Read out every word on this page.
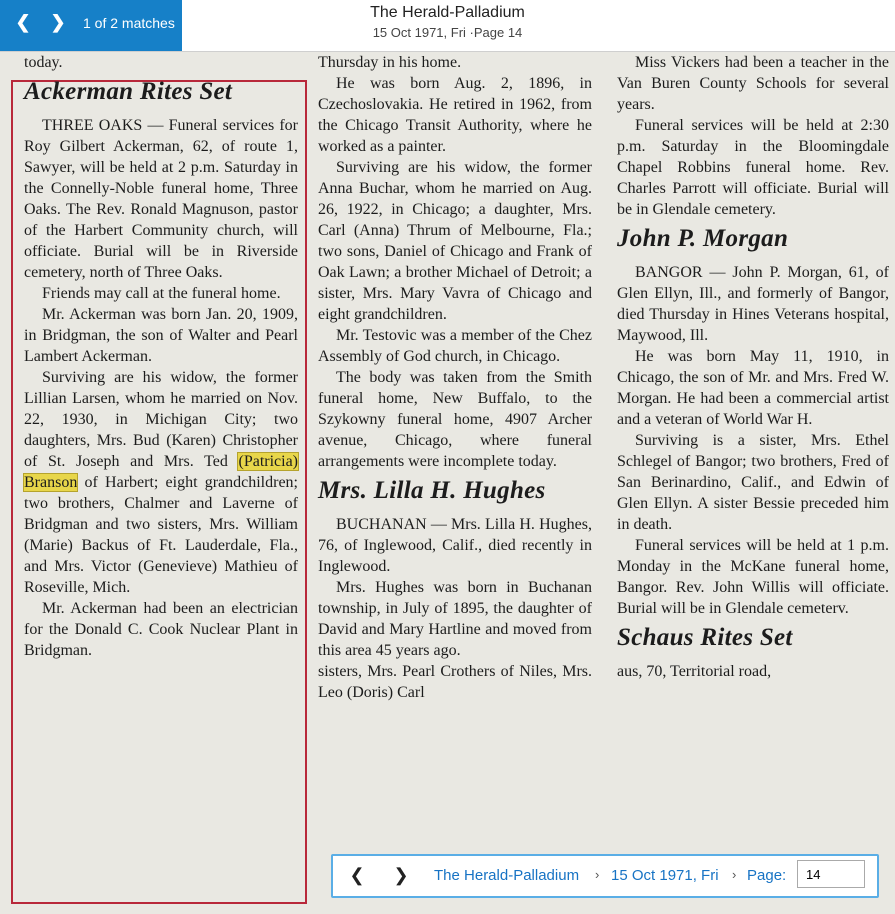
❮	❯	1 of 2 matches
The Herald-Palladium
15 Oct 1971, Fri ·Page 14

today.

Ackerman Rites Set

THREE OAKS — Funeral services for Roy Gilbert Ackerman, 62, of route 1, Sawyer, will be held at 2 p.m. Saturday in the Connelly-Noble funeral home, Three Oaks. The Rev. Ronald Magnuson, pastor of the Harbert Community church, will officiate. Burial will be in Riverside cemetery, north of Three Oaks.

Friends may call at the funeral home.

Mr. Ackerman was born Jan. 20, 1909, in Bridgman, the son of Walter and Pearl Lambert Ackerman.

Surviving are his widow, the former Lillian Larsen, whom he married on Nov. 22, 1930, in Michigan City; two daughters, Mrs. Bud (Karen) Christopher of St. Joseph and Mrs. Ted (Patricia) Branson of Harbert; eight grandchildren; two brothers, Chalmer and Laverne of Bridgman and two sisters, Mrs. William (Marie) Backus of Ft. Lauderdale, Fla., and Mrs. Victor (Genevieve) Mathieu of Roseville, Mich.

Mr. Ackerman had been an electrician for the Donald C. Cook Nuclear Plant in Bridgman.

Thursday in his home.

He was born Aug. 2, 1896, in Czechoslovakia. He retired in 1962, from the Chicago Transit Authority, where he worked as a painter.

Surviving are his widow, the former Anna Buchar, whom he married on Aug. 26, 1922, in Chicago; a daughter, Mrs. Carl (Anna) Thrum of Melbourne, Fla.; two sons, Daniel of Chicago and Frank of Oak Lawn; a brother Michael of Detroit; a sister, Mrs. Mary Vavra of Chicago and eight grandchildren.

Mr. Testovic was a member of the Chez Assembly of God church, in Chicago.

The body was taken from the Smith funeral home, New Buffalo, to the Szykowny funeral home, 4907 Archer avenue, Chicago, where funeral arrangements were incomplete today.

Mrs. Lilla H. Hughes

BUCHANAN — Mrs. Lilla H. Hughes, 76, of Inglewood, Calif., died recently in Inglewood.

Mrs. Hughes was born in Buchanan township, in July of 1895, the daughter of David and Mary Hartline and moved from this area 45 years ago.

sisters, Mrs. Pearl Crothers of Niles, Mrs. Leo (Doris) Carl

Miss Vickers had been a teacher in the Van Buren County Schools for several years.

Funeral services will be held at 2:30 p.m. Saturday in the Bloomingdale Chapel Robbins funeral home. Rev. Charles Parrott will officiate. Burial will be in Glendale cemetery.

John P. Morgan

BANGOR — John P. Morgan, 61, of Glen Ellyn, Ill., and formerly of Bangor, died Thursday in Hines Veterans hospital, Maywood, Ill.

He was born May 11, 1910, in Chicago, the son of Mr. and Mrs. Fred W. Morgan. He had been a commercial artist and a veteran of World War H.

Surviving is a sister, Mrs. Ethel Schlegel of Bangor; two brothers, Fred of San Berinardino, Calif., and Edwin of Glen Ellyn. A sister Bessie preceded him in death.

Funeral services will be held at 1 p.m. Monday in the McKane funeral home, Bangor. Rev. John Willis will officiate. Burial will be in Glendale cemeterv.

Schaus Rites Set

aus, 70, Territorial road,

❮	❯	The Herald-Palladium › 15 Oct 1971, Fri › Page:
14
